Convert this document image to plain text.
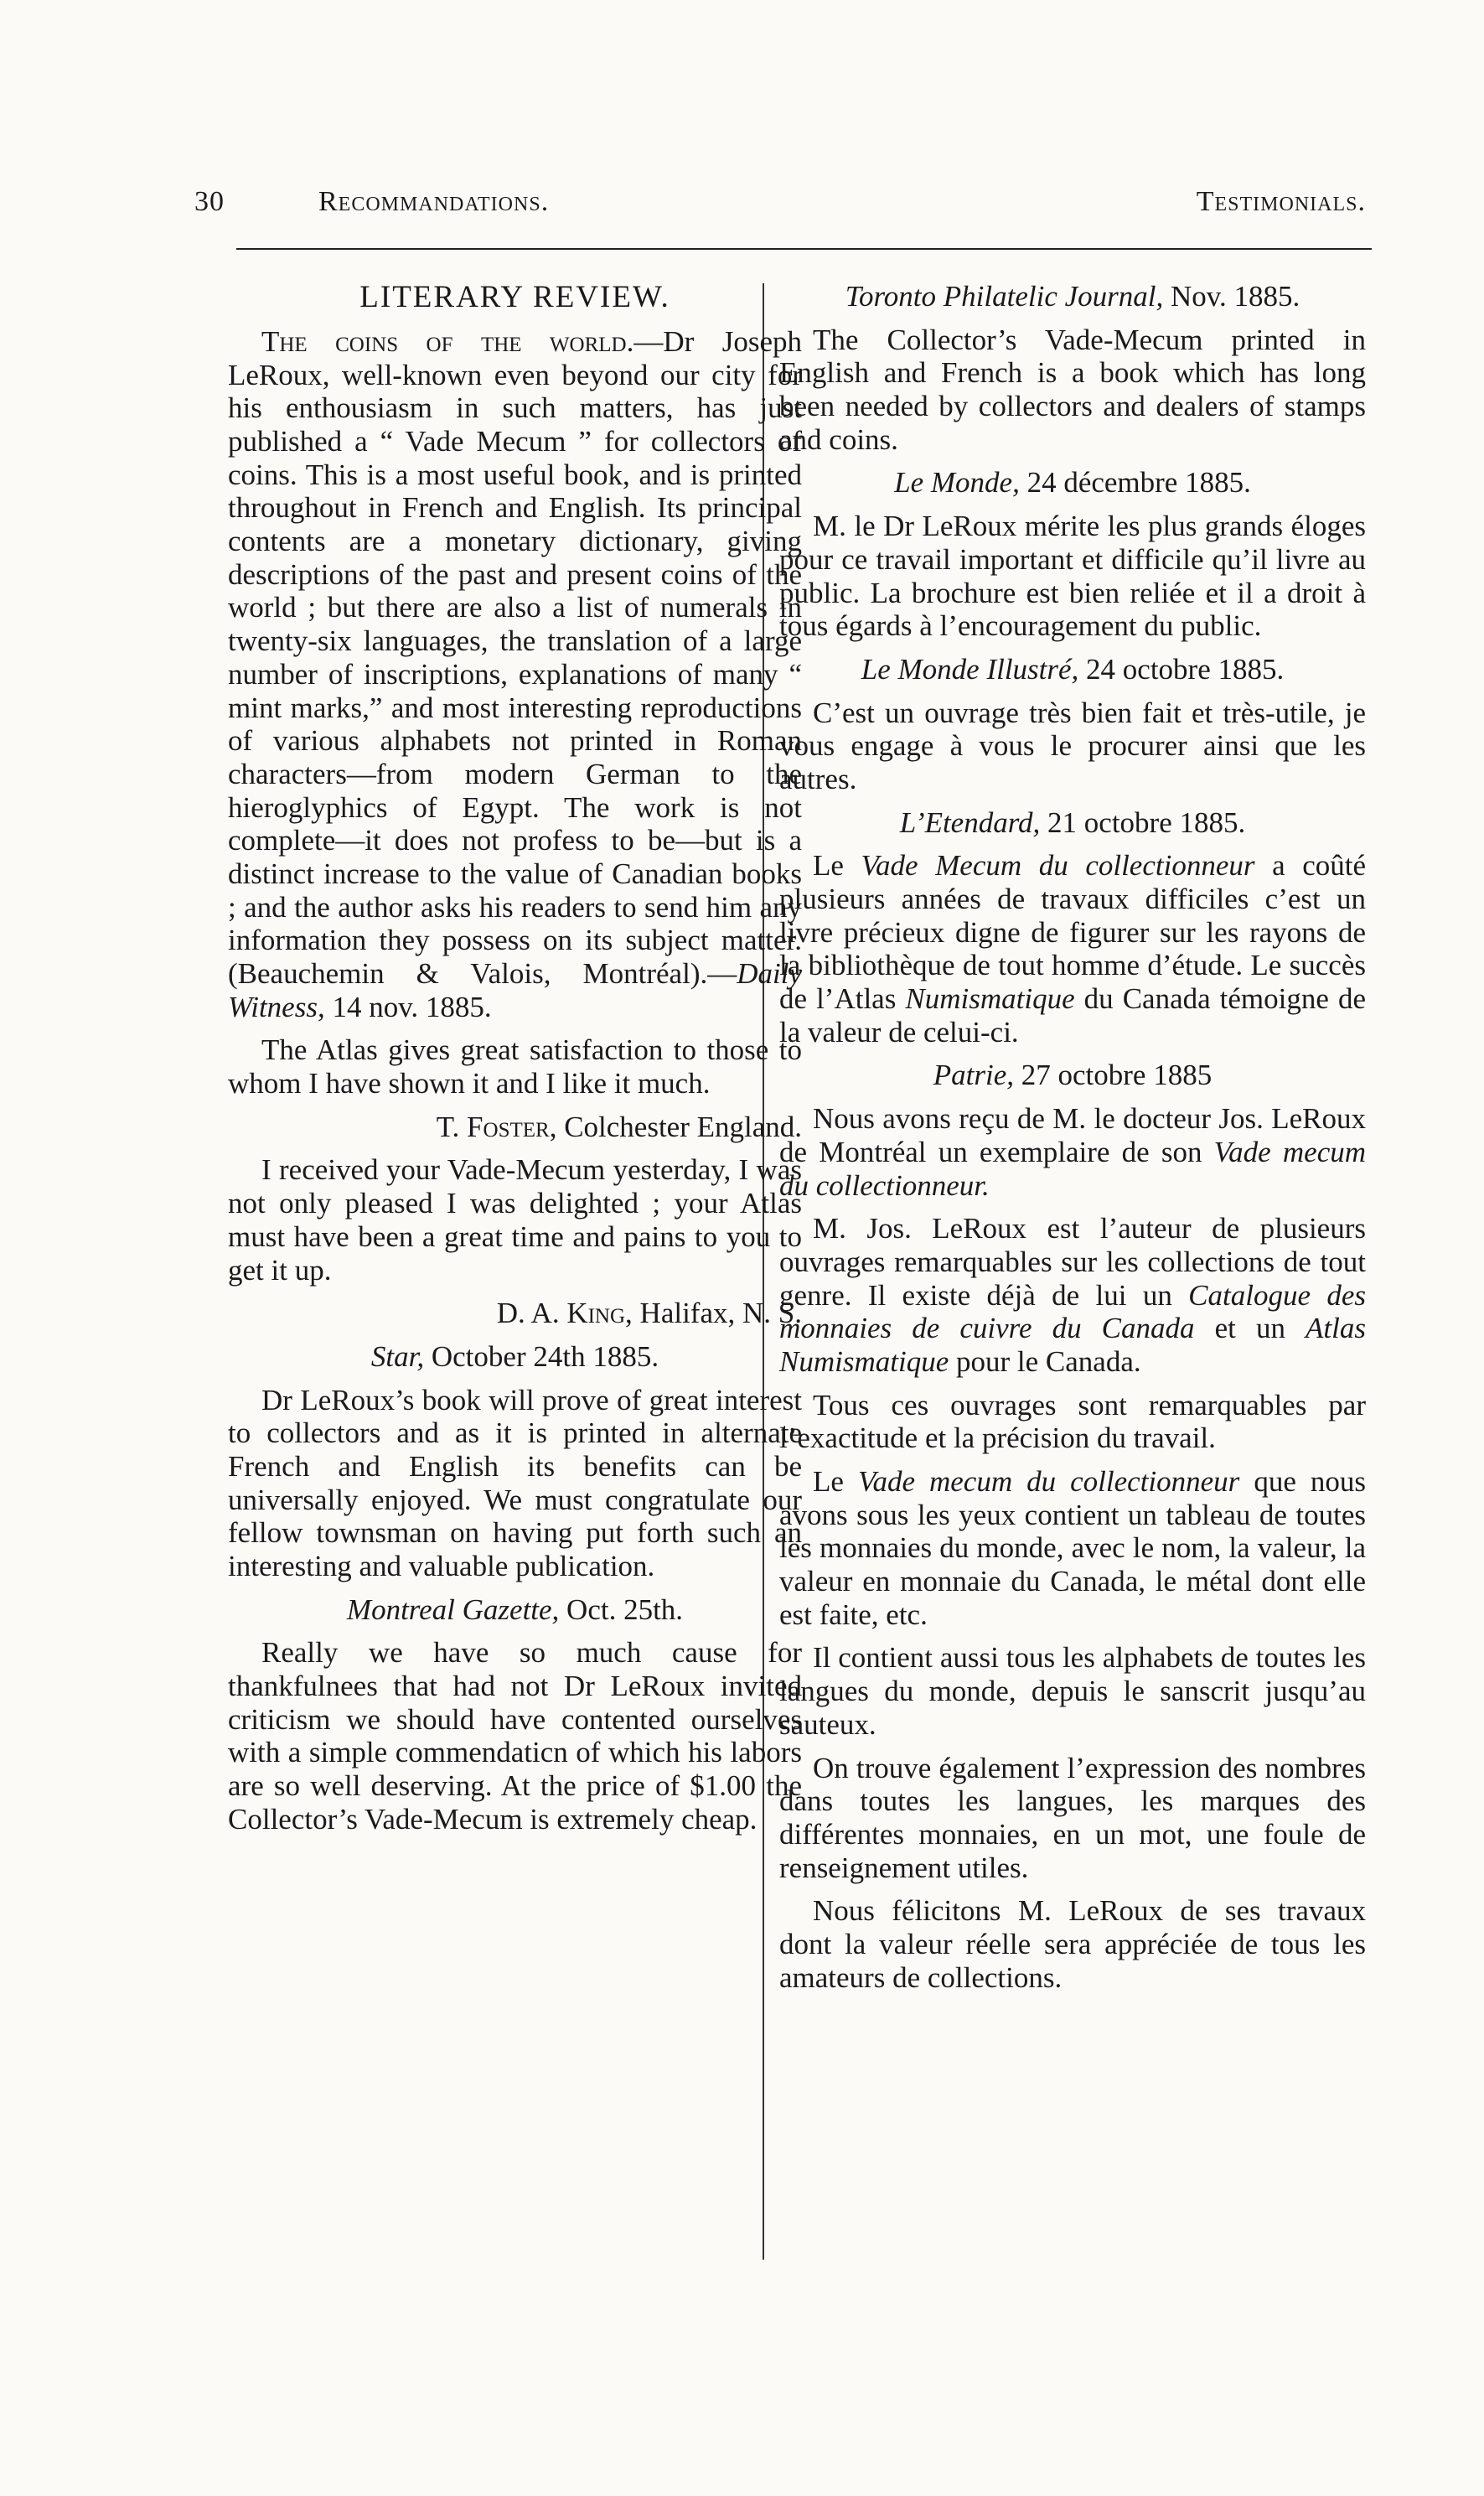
30	Recommandations.	Testimonials.

LITERARY REVIEW.

The coins of the world.—Dr Joseph LeRoux, well-known even beyond our city for his enthousiasm in such matters, has just published a “ Vade Mecum ” for collectors of coins. This is a most useful book, and is printed throughout in French and English. Its principal contents are a monetary dictionary, giving descriptions of the past and present coins of the world ; but there are also a list of numerals in twenty-six languages, the translation of a large number of inscriptions, explanations of many “ mint marks,” and most interesting reproductions of various alphabets not printed in Roman characters—from modern German to the hieroglyphics of Egypt. The work is not complete—it does not profess to be—but is a distinct increase to the value of Canadian books ; and the author asks his readers to send him any information they possess on its subject matter. (Beauchemin & Valois, Montréal).—Daily Witness, 14 nov. 1885.

The Atlas gives great satisfaction to those to whom I have shown it and I like it much.

T. Foster, Colchester England.

I received your Vade-Mecum yesterday, I was not only pleased I was delighted ; your Atlas must have been a great time and pains to you to get it up.

D. A. King, Halifax, N. S.

Star, October 24th 1885.

Dr LeRoux’s book will prove of great interest to collectors and as it is printed in alternate French and English its benefits can be universally enjoyed. We must congratulate our fellow townsman on having put forth such an interesting and valuable publication.

Montreal Gazette, Oct. 25th.

Really we have so much cause for thankfulnees that had not Dr LeRoux invited criticism we should have contented ourselves with a simple commendaticn of which his labors are so well deserving. At the price of $1.00 the Collector’s Vade-Mecum is extremely cheap.

Toronto Philatelic Journal, Nov. 1885.

The Collector’s Vade-Mecum printed in English and French is a book which has long been needed by collectors and dealers of stamps and coins.

Le Monde, 24 décembre 1885.

M. le Dr LeRoux mérite les plus grands éloges pour ce travail important et difficile qu’il livre au public. La brochure est bien reliée et il a droit à tous égards à l’encouragement du public.

Le Monde Illustré, 24 octobre 1885.

C’est un ouvrage très bien fait et très-utile, je vous engage à vous le procurer ainsi que les autres.

L’Etendard, 21 octobre 1885.

Le Vade Mecum du collectionneur a coûté plusieurs années de travaux difficiles c’est un livre précieux digne de figurer sur les rayons de la bibliothèque de tout homme d’étude. Le succès de l’Atlas Numismatique du Canada témoigne de la valeur de celui-ci.

Patrie, 27 octobre 1885

Nous avons reçu de M. le docteur Jos. LeRoux de Montréal un exemplaire de son Vade mecum du collectionneur.

M. Jos. LeRoux est l’auteur de plusieurs ouvrages remarquables sur les collections de tout genre. Il existe déjà de lui un Catalogue des monnaies de cuivre du Canada et un Atlas Numismatique pour le Canada.

Tous ces ouvrages sont remarquables par l’exactitude et la précision du travail.

Le Vade mecum du collectionneur que nous avons sous les yeux contient un tableau de toutes les monnaies du monde, avec le nom, la valeur, la valeur en monnaie du Canada, le métal dont elle est faite, etc.

Il contient aussi tous les alphabets de toutes les langues du monde, depuis le sanscrit jusqu’au sauteux.

On trouve également l’expression des nombres dans toutes les langues, les marques des différentes monnaies, en un mot, une foule de renseignement utiles.

Nous félicitons M. LeRoux de ses travaux dont la valeur réelle sera appréciée de tous les amateurs de collections.
